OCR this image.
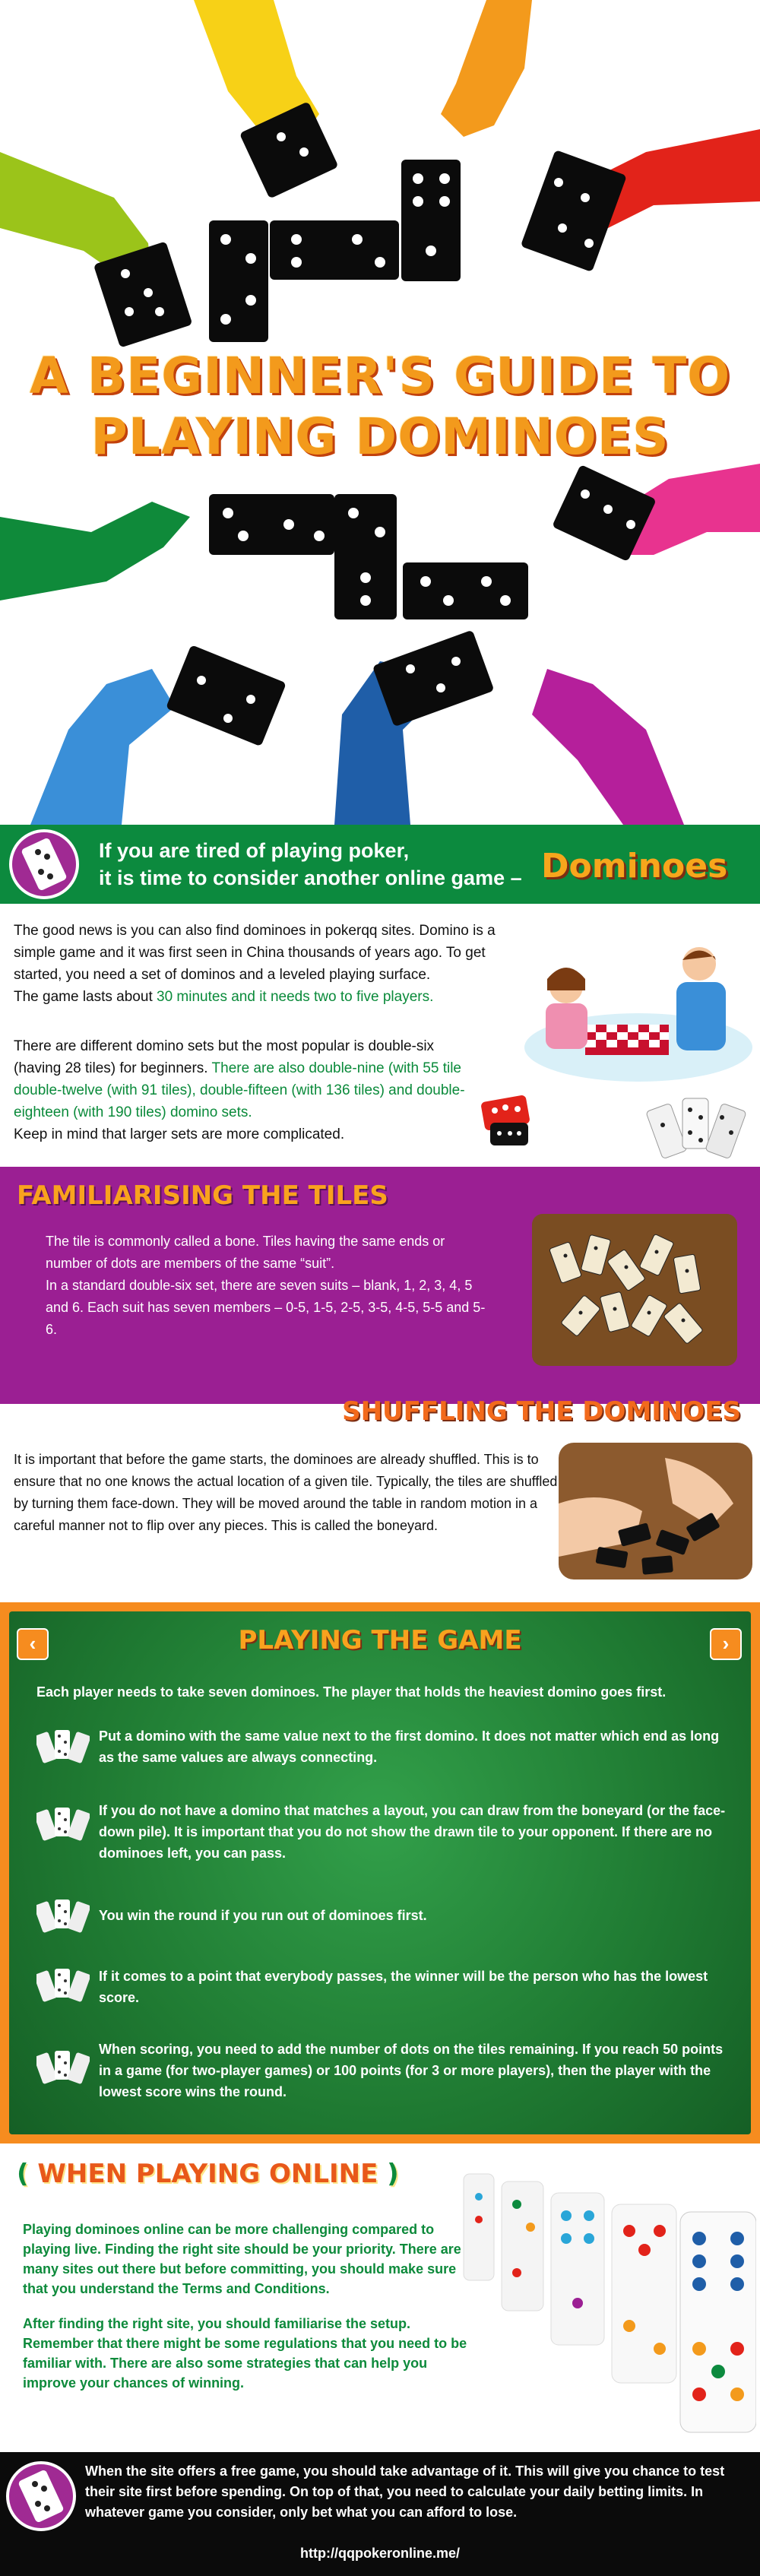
A BEGINNER'S GUIDE TO
PLAYING DOMINOES
If you are tired of playing poker,
it is time to consider another online game – Dominoes

The good news is you can also find dominoes in pokerqq sites. Domino is a simple game and it was first seen in China thousands of years ago. To get started, you need a set of dominos and a leveled playing surface.

The game lasts about 30 minutes and it needs two to five players.

There are different domino sets but the most popular is double-six (having 28 tiles) for beginners. There are also double-nine (with 55 tile double-twelve (with 91 tiles), double-fifteen (with 136 tiles) and double-eighteen (with 190 tiles) domino sets.

Keep in mind that larger sets are more complicated.

FAMILIARISING THE TILES

The tile is commonly called a bone. Tiles having the same ends or number of dots are members of the same “suit”.

In a standard double-six set, there are seven suits – blank, 1, 2, 3, 4, 5 and 6. Each suit has seven members – 0-5, 1-5, 2-5, 3-5, 4-5, 5-5 and 5-6.

SHUFFLING THE DOMINOES
It is important that before the game starts, the dominoes are already shuffled. This is to ensure that no one knows the actual location of a given tile. Typically, the tiles are shuffled by turning them face-down. They will be moved around the table in random motion in a careful manner not to flip over any pieces. This is called the boneyard.
‹	›
PLAYING THE GAME
Each player needs to take seven dominoes. The player that holds the heaviest domino goes first.
Put a domino with the same value next to the first domino. It does not matter which end as long as the same values are always connecting.
If you do not have a domino that matches a layout, you can draw from the boneyard (or the face-down pile). It is important that you do not show the drawn tile to your opponent. If there are no dominoes left, you can pass.
You win the round if you run out of dominoes first.
If it comes to a point that everybody passes, the winner will be the person who has the lowest score.
When scoring, you need to add the number of dots on the tiles remaining. If you reach 50 points in a game (for two-player games) or 100 points (for 3 or more players), then the player with the lowest score wins the round.
( WHEN PLAYING ONLINE )

Playing dominoes online can be more challenging compared to playing live. Finding the right site should be your priority. There are many sites out there but before committing, you should make sure that you understand the Terms and Conditions.

After finding the right site, you should familiarise the setup. Remember that there might be some regulations that you need to be familiar with. There are also some strategies that can help you improve your chances of winning.

When the site offers a free game, you should take advantage of it. This will give you chance to test their site first before spending. On top of that, you need to calculate your daily betting limits. In whatever game you consider, only bet what you can afford to lose.
http://qqpokeronline.me/
